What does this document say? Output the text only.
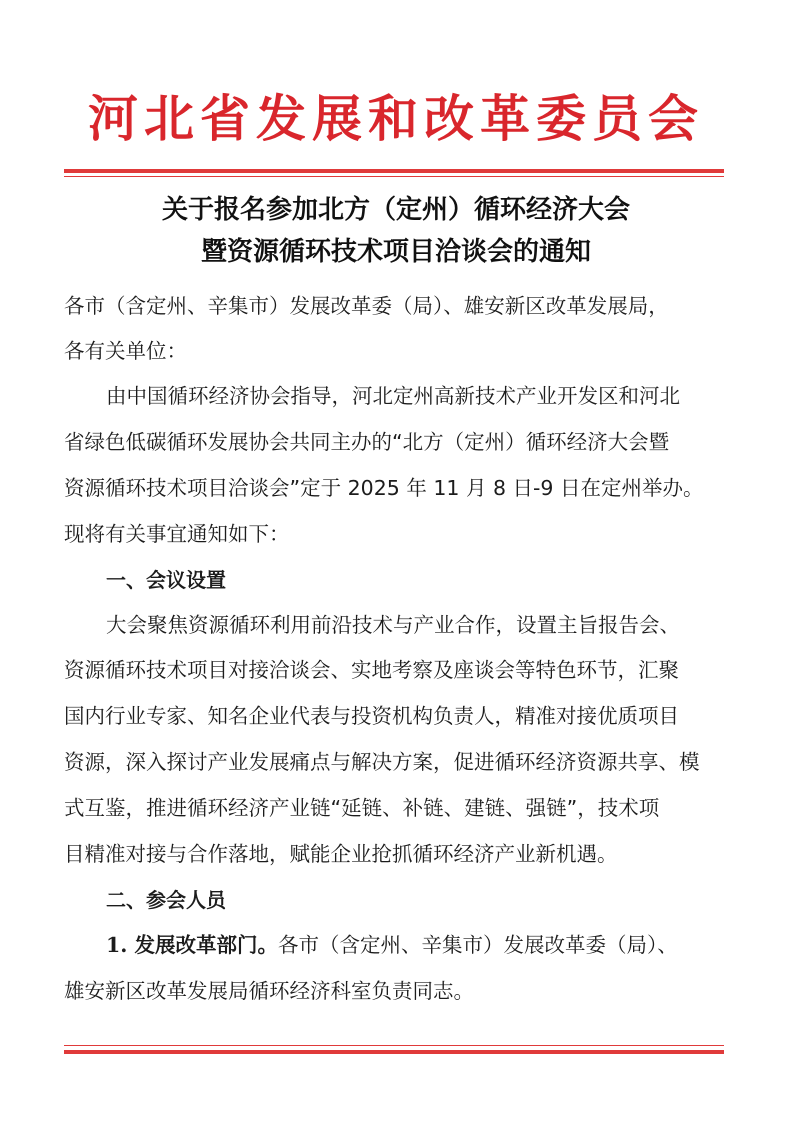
河北省发展和改革委员会
关于报名参加北方（定州）循环经济大会
暨资源循环技术项目洽谈会的通知
各市（含定州、辛集市）发展改革委（局）、雄安新区改革发展局，
各有关单位：
由中国循环经济协会指导，河北定州高新技术产业开发区和河北
省绿色低碳循环发展协会共同主办的“北方（定州）循环经济大会暨
资源循环技术项目洽谈会”定于 2025 年 11 月 8 日-9 日在定州举办。
现将有关事宜通知如下：
一、会议设置
大会聚焦资源循环利用前沿技术与产业合作，设置主旨报告会、
资源循环技术项目对接洽谈会、实地考察及座谈会等特色环节，汇聚
国内行业专家、知名企业代表与投资机构负责人，精准对接优质项目
资源，深入探讨产业发展痛点与解决方案，促进循环经济资源共享、模
式互鉴，推进循环经济产业链“延链、补链、建链、强链”，技术项
目精准对接与合作落地，赋能企业抢抓循环经济产业新机遇。
二、参会人员
1. 发展改革部门。各市（含定州、辛集市）发展改革委（局）、
雄安新区改革发展局循环经济科室负责同志。
